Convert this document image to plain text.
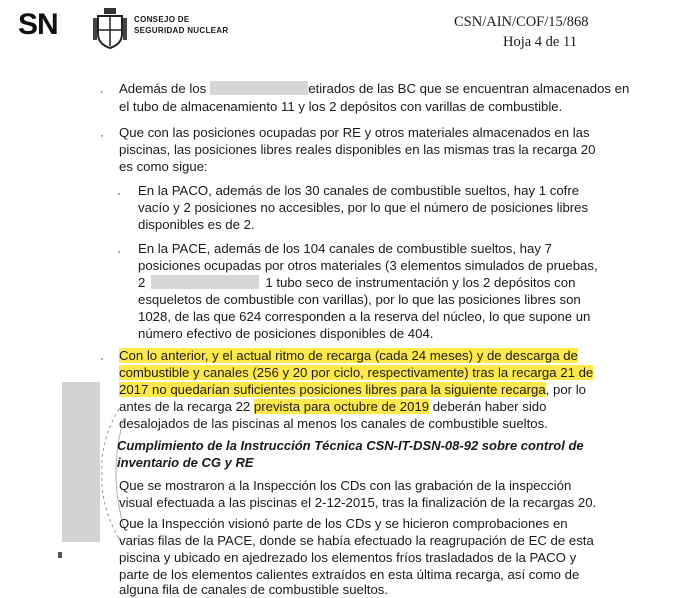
SN	CONSEJO DE
SEGURIDAD NUCLEAR
CSN/AIN/COF/15/868
Hoja 4 de 11
· Además de los	etirados de las BC que se encuentran almacenados en
el tubo de almacenamiento 11 y los 2 depósitos con varillas de combustible.
· Que con las posiciones ocupadas por RE y otros materiales almacenados en las
piscinas, las posiciones libres reales disponibles en las mismas tras la recarga 20
es como sigue:
· En la PACO, además de los 30 canales de combustible sueltos, hay 1 cofre
vacío y 2 posiciones no accesibles, por lo que el número de posiciones libres
disponibles es de 2.
· En la PACE, además de los 104 canales de combustible sueltos, hay 7
posiciones ocupadas por otros materiales (3 elementos simulados de pruebas,
2	1 tubo seco de instrumentación y los 2 depósitos con
esqueletos de combustible con varillas), por lo que las posiciones libres son
1028, de las que 624 corresponden a la reserva del núcleo, lo que supone un
número efectivo de posiciones disponibles de 404.
· Con lo anterior, y el actual ritmo de recarga (cada 24 meses) y de descarga de
combustible y canales (256 y 20 por ciclo, respectivamente) tras la recarga 21 de
2017 no quedarían suficientes posiciones libres para la siguiente recarga, por lo
antes de la recarga 22 prevista para octubre de 2019 deberán haber sido
desalojados de las piscinas al menos los canales de combustible sueltos.
Cumplimiento de la Instrucción Técnica CSN-IT-DSN-08-92 sobre control de
inventario de CG y RE
Que se mostraron a la Inspección los CDs con las grabación de la inspección
visual efectuada a las piscinas el 2-12-2015, tras la finalización de la recargas 20.
Que la Inspección visionó parte de los CDs y se hicieron comprobaciones en
varias filas de la PACE, donde se había efectuado la reagrupación de EC de esta
piscina y ubicado en ajedrezado los elementos fríos trasladados de la PACO y
parte de los elementos calientes extraídos en esta última recarga, así como de
alguna fila de canales de combustible sueltos.
